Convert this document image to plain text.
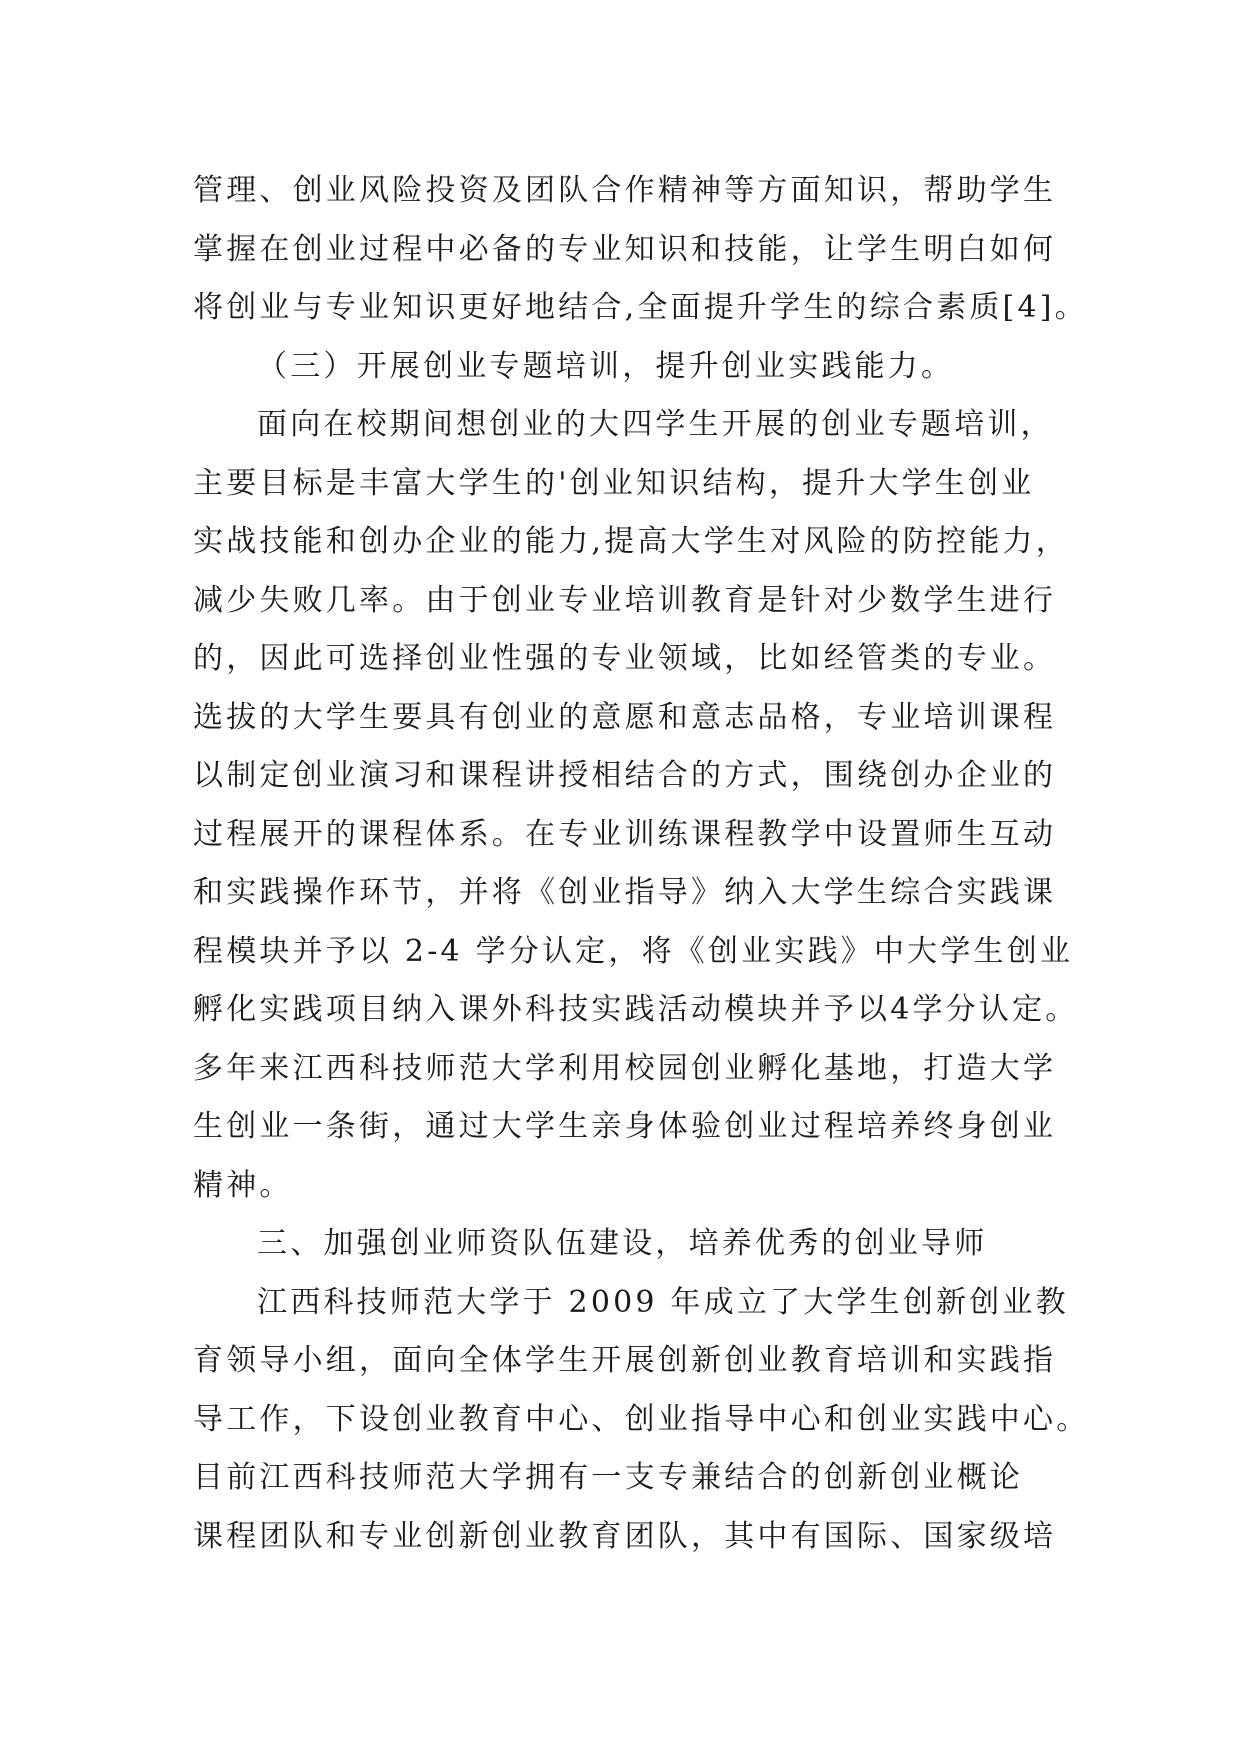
管理、创业风险投资及团队合作精神等方面知识，帮助学生
掌握在创业过程中必备的专业知识和技能，让学生明白如何
将创业与专业知识更好地结合,全面提升学生的综合素质[4]。
（三）开展创业专题培训，提升创业实践能力。
面向在校期间想创业的大四学生开展的创业专题培训，
主要目标是丰富大学生的'创业知识结构，提升大学生创业
实战技能和创办企业的能力,提高大学生对风险的防控能力，
减少失败几率。由于创业专业培训教育是针对少数学生进行
的，因此可选择创业性强的专业领域，比如经管类的专业。
选拔的大学生要具有创业的意愿和意志品格，专业培训课程
以制定创业演习和课程讲授相结合的方式，围绕创办企业的
过程展开的课程体系。在专业训练课程教学中设置师生互动
和实践操作环节，并将《创业指导》纳入大学生综合实践课
程模块并予以 2-4 学分认定，将《创业实践》中大学生创业
孵化实践项目纳入课外科技实践活动模块并予以4学分认定。
多年来江西科技师范大学利用校园创业孵化基地，打造大学
生创业一条街，通过大学生亲身体验创业过程培养终身创业
精神。
三、加强创业师资队伍建设，培养优秀的创业导师
江西科技师范大学于 2009 年成立了大学生创新创业教
育领导小组，面向全体学生开展创新创业教育培训和实践指
导工作，下设创业教育中心、创业指导中心和创业实践中心。
目前江西科技师范大学拥有一支专兼结合的创新创业概论
课程团队和专业创新创业教育团队，其中有国际、国家级培
